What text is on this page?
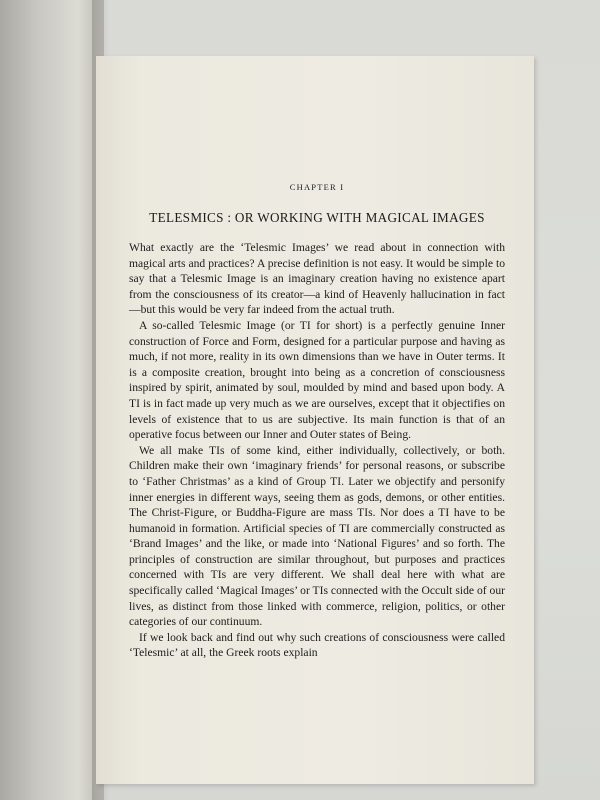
CHAPTER I
TELESMICS : OR WORKING WITH MAGICAL IMAGES

What exactly are the ‘Telesmic Images’ we read about in connection with magical arts and practices? A precise definition is not easy. It would be simple to say that a Telesmic Image is an imaginary creation having no existence apart from the consciousness of its creator—a kind of Heavenly hallucination in fact—but this would be very far indeed from the actual truth.

A so-called Telesmic Image (or TI for short) is a perfectly genuine Inner construction of Force and Form, designed for a particular purpose and having as much, if not more, reality in its own dimensions than we have in Outer terms. It is a composite creation, brought into being as a concretion of consciousness inspired by spirit, animated by soul, moulded by mind and based upon body. A TI is in fact made up very much as we are ourselves, except that it objectifies on levels of existence that to us are subjective. Its main function is that of an operative focus between our Inner and Outer states of Being.

We all make TIs of some kind, either individually, collectively, or both. Children make their own ‘imaginary friends’ for personal reasons, or subscribe to ‘Father Christmas’ as a kind of Group TI. Later we objectify and personify inner energies in different ways, seeing them as gods, demons, or other entities. The Christ-Figure, or Buddha-Figure are mass TIs. Nor does a TI have to be humanoid in formation. Artificial species of TI are commercially constructed as ‘Brand Images’ and the like, or made into ‘National Figures’ and so forth. The principles of construction are similar throughout, but purposes and practices concerned with TIs are very different. We shall deal here with what are specifically called ‘Magical Images’ or TIs connected with the Occult side of our lives, as distinct from those linked with commerce, religion, politics, or other categories of our continuum.

If we look back and find out why such creations of consciousness were called ‘Telesmic’ at all, the Greek roots explain
